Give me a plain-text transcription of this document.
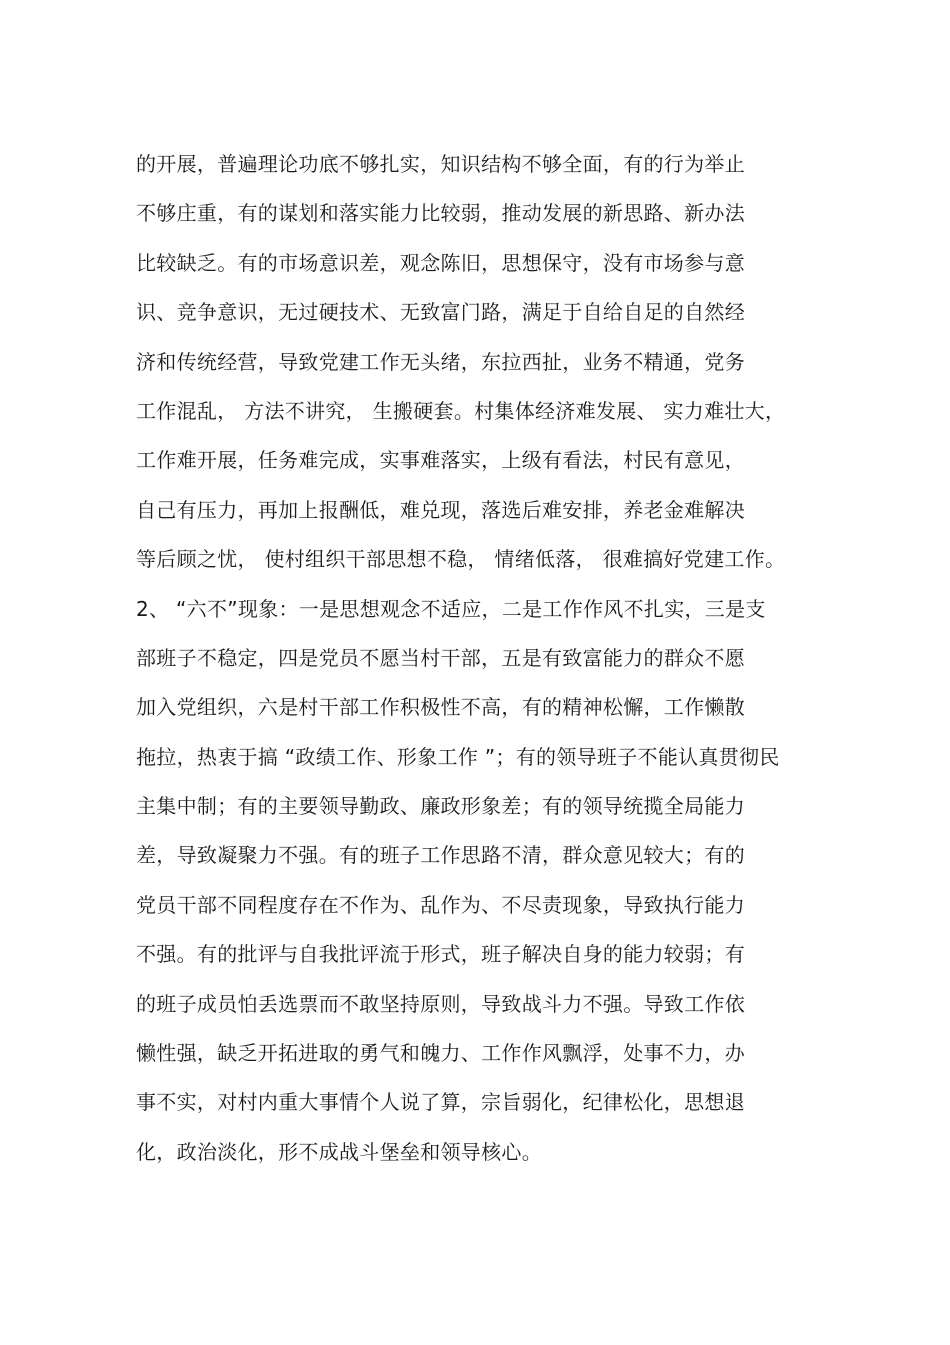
的开展，普遍理论功底不够扎实，知识结构不够全面，有的行为举止
不够庄重，有的谋划和落实能力比较弱，推动发展的新思路、新办法
比较缺乏。有的市场意识差，观念陈旧，思想保守，没有市场参与意
识、竞争意识，无过硬技术、无致富门路，满足于自给自足的自然经
济和传统经营，导致党建工作无头绪，东拉西扯，业务不精通，党务
工作混乱， 方法不讲究， 生搬硬套。村集体经济难发展、 实力难壮大，
工作难开展，任务难完成，实事难落实，上级有看法，村民有意见，
自己有压力，再加上报酬低，难兑现，落选后难安排，养老金难解决
等后顾之忧， 使村组织干部思想不稳， 情绪低落， 很难搞好党建工作。
2、 “六不”现象：一是思想观念不适应，二是工作作风不扎实，三是支
部班子不稳定，四是党员不愿当村干部，五是有致富能力的群众不愿
加入党组织，六是村干部工作积极性不高，有的精神松懈，工作懒散
拖拉，热衷于搞 “政绩工作、形象工作 ”；有的领导班子不能认真贯彻民
主集中制；有的主要领导勤政、廉政形象差；有的领导统揽全局能力
差，导致凝聚力不强。有的班子工作思路不清，群众意见较大；有的
党员干部不同程度存在不作为、乱作为、不尽责现象，导致执行能力
不强。有的批评与自我批评流于形式，班子解决自身的能力较弱；有
的班子成员怕丢选票而不敢坚持原则，导致战斗力不强。导致工作依
懒性强，缺乏开拓进取的勇气和魄力、工作作风飘浮，处事不力，办
事不实，对村内重大事情个人说了算，宗旨弱化，纪律松化，思想退
化，政治淡化，形不成战斗堡垒和领导核心。
